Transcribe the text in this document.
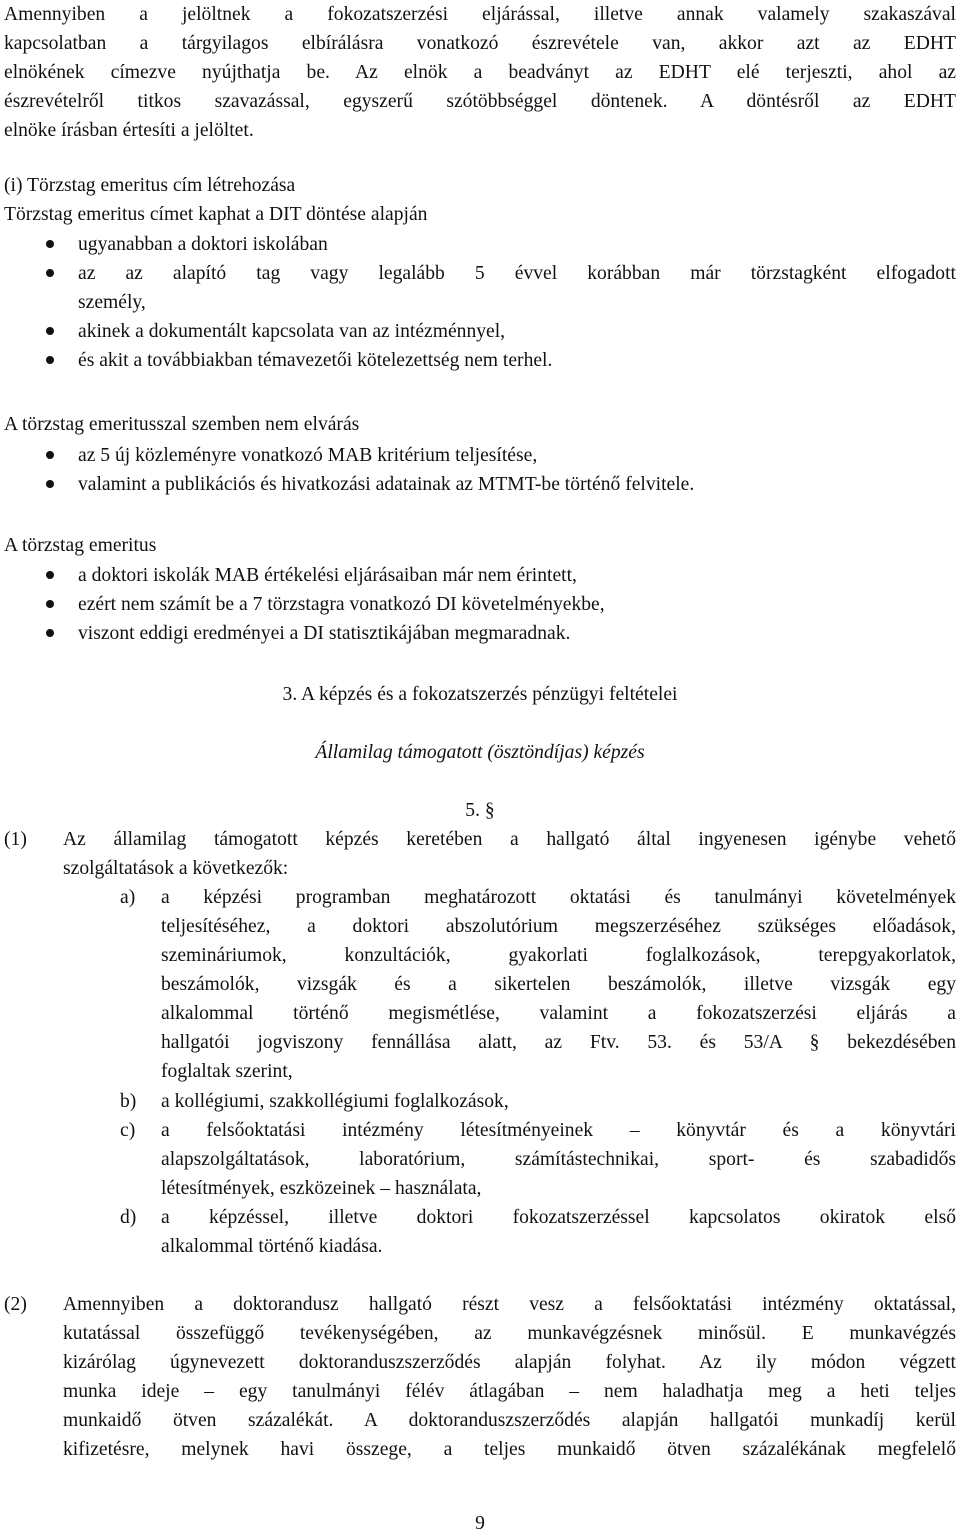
Amennyiben a jelöltnek a fokozatszerzési eljárással, illetve annak valamely szakaszával
kapcsolatban a tárgyilagos elbírálásra vonatkozó észrevétele van, akkor azt az EDHT
elnökének címezve nyújthatja be. Az elnök a beadványt az EDHT elé terjeszti, ahol az
észrevételről titkos szavazással, egyszerű szótöbbséggel döntenek. A döntésről az EDHT
elnöke írásban értesíti a jelöltet.
(i) Törzstag emeritus cím létrehozása
Törzstag emeritus címet kaphat a DIT döntése alapján
ugyanabban a doktori iskolában
az az alapító tag vagy legalább 5 évvel korábban már törzstagként elfogadott
személy,
akinek a dokumentált kapcsolata van az intézménnyel,
és akit a továbbiakban témavezetői kötelezettség nem terhel.
A törzstag emeritusszal szemben nem elvárás
az 5 új közleményre vonatkozó MAB kritérium teljesítése,
valamint a publikációs és hivatkozási adatainak az MTMT-be történő felvitele.
A törzstag emeritus
a doktori iskolák MAB értékelési eljárásaiban már nem érintett,
ezért nem számít be a 7 törzstagra vonatkozó DI követelményekbe,
viszont eddigi eredményei a DI statisztikájában megmaradnak.
3. A képzés és a fokozatszerzés pénzügyi feltételei
Államilag támogatott (ösztöndíjas) képzés
5. §
(1) Az államilag támogatott képzés keretében a hallgató által ingyenesen igénybe vehető
szolgáltatások a következők:
a) a képzési programban meghatározott oktatási és tanulmányi követelmények
teljesítéséhez, a doktori abszolutórium megszerzéséhez szükséges előadások,
szemináriumok, konzultációk, gyakorlati foglalkozások, terepgyakorlatok,
beszámolók, vizsgák és a sikertelen beszámolók, illetve vizsgák egy
alkalommal történő megismétlése, valamint a fokozatszerzési eljárás a
hallgatói jogviszony fennállása alatt, az Ftv. 53. és 53/A § bekezdésében
foglaltak szerint,
b) a kollégiumi, szakkollégiumi foglalkozások,
c) a felsőoktatási intézmény létesítményeinek – könyvtár és a könyvtári
alapszolgáltatások, laboratórium, számítástechnikai, sport- és szabadidős
létesítmények, eszközeinek – használata,
d) a képzéssel, illetve doktori fokozatszerzéssel kapcsolatos okiratok első
alkalommal történő kiadása.
(2) Amennyiben a doktorandusz hallgató részt vesz a felsőoktatási intézmény oktatással,
kutatással összefüggő tevékenységében, az munkavégzésnek minősül. E munkavégzés
kizárólag úgynevezett doktoranduszszerződés alapján folyhat. Az ily módon végzett
munka ideje – egy tanulmányi félév átlagában – nem haladhatja meg a heti teljes
munkaidő ötven százalékát. A doktoranduszszerződés alapján hallgatói munkadíj kerül
kifizetésre, melynek havi összege, a teljes munkaidő ötven százalékának megfelelő
9
